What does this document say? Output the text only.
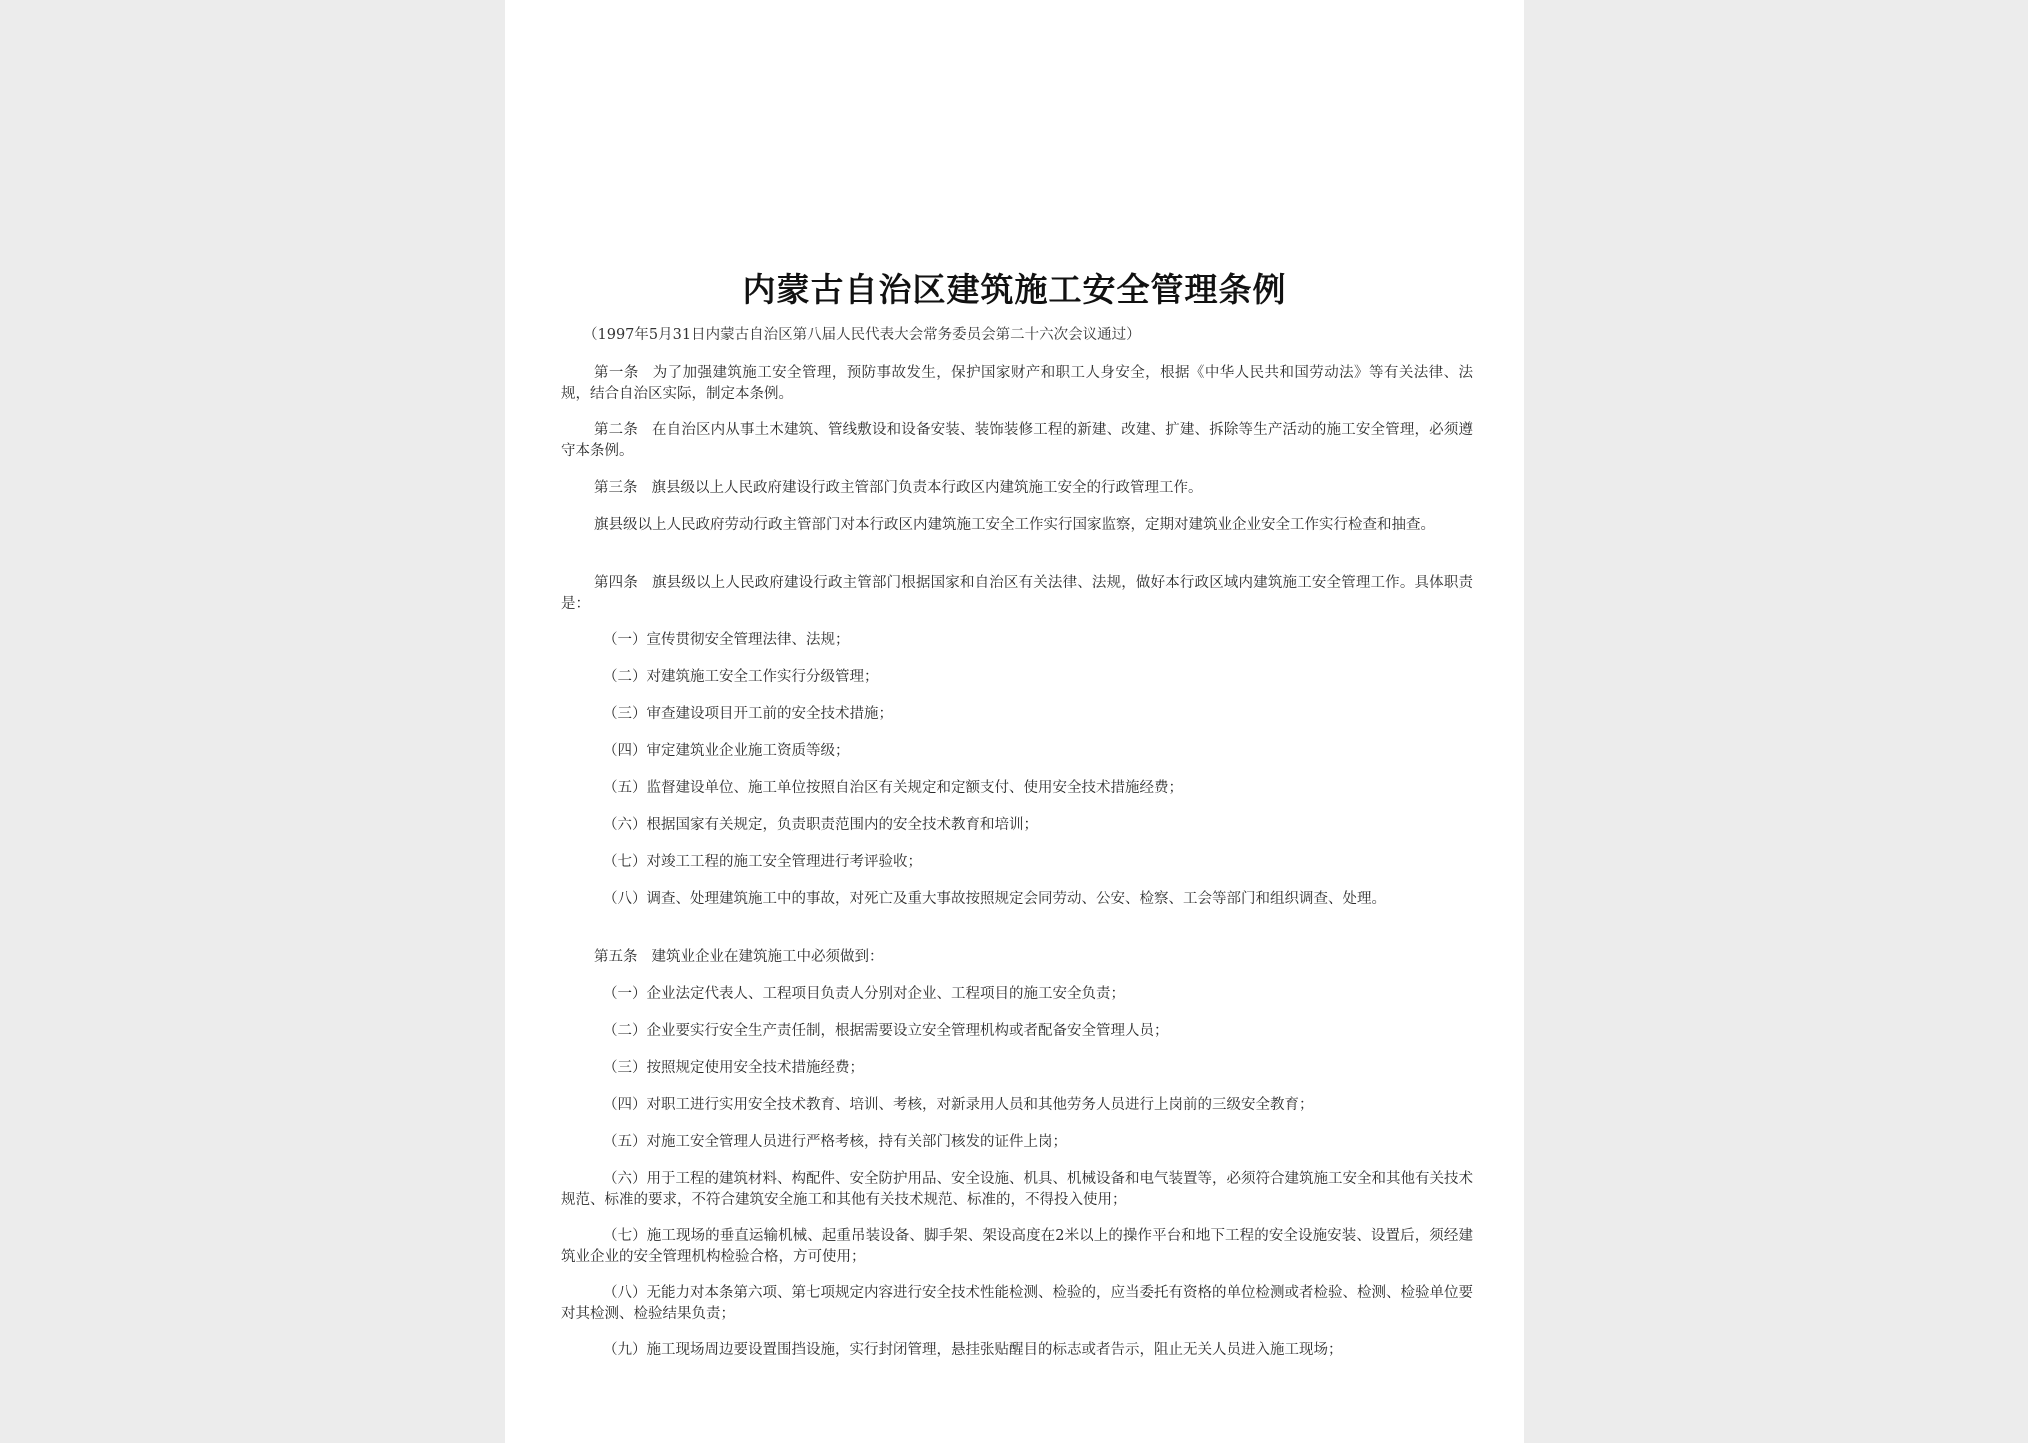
内蒙古自治区建筑施工安全管理条例
（1997年5月31日内蒙古自治区第八届人民代表大会常务委员会第二十六次会议通过）
第一条 为了加强建筑施工安全管理，预防事故发生，保护国家财产和职工人身安全，根据《中华人民共和国劳动法》等有关法律、法规，结合自治区实际，制定本条例。
第二条 在自治区内从事土木建筑、管线敷设和设备安装、装饰装修工程的新建、改建、扩建、拆除等生产活动的施工安全管理，必须遵守本条例。
第三条 旗县级以上人民政府建设行政主管部门负责本行政区内建筑施工安全的行政管理工作。
旗县级以上人民政府劳动行政主管部门对本行政区内建筑施工安全工作实行国家监察，定期对建筑业企业安全工作实行检查和抽查。
第四条 旗县级以上人民政府建设行政主管部门根据国家和自治区有关法律、法规，做好本行政区域内建筑施工安全管理工作。具体职责是：
（一）宣传贯彻安全管理法律、法规；
（二）对建筑施工安全工作实行分级管理；
（三）审查建设项目开工前的安全技术措施；
（四）审定建筑业企业施工资质等级；
（五）监督建设单位、施工单位按照自治区有关规定和定额支付、使用安全技术措施经费；
（六）根据国家有关规定，负责职责范围内的安全技术教育和培训；
（七）对竣工工程的施工安全管理进行考评验收；
（八）调查、处理建筑施工中的事故，对死亡及重大事故按照规定会同劳动、公安、检察、工会等部门和组织调查、处理。
第五条 建筑业企业在建筑施工中必须做到：
（一）企业法定代表人、工程项目负责人分别对企业、工程项目的施工安全负责；
（二）企业要实行安全生产责任制，根据需要设立安全管理机构或者配备安全管理人员；
（三）按照规定使用安全技术措施经费；
（四）对职工进行实用安全技术教育、培训、考核，对新录用人员和其他劳务人员进行上岗前的三级安全教育；
（五）对施工安全管理人员进行严格考核，持有关部门核发的证件上岗；
（六）用于工程的建筑材料、构配件、安全防护用品、安全设施、机具、机械设备和电气装置等，必须符合建筑施工安全和其他有关技术规范、标准的要求，不符合建筑安全施工和其他有关技术规范、标准的，不得投入使用；
（七）施工现场的垂直运输机械、起重吊装设备、脚手架、架设高度在2米以上的操作平台和地下工程的安全设施安装、设置后，须经建筑业企业的安全管理机构检验合格，方可使用；
（八）无能力对本条第六项、第七项规定内容进行安全技术性能检测、检验的，应当委托有资格的单位检测或者检验、检测、检验单位要对其检测、检验结果负责；
（九）施工现场周边要设置围挡设施，实行封闭管理，悬挂张贴醒目的标志或者告示，阻止无关人员进入施工现场；
